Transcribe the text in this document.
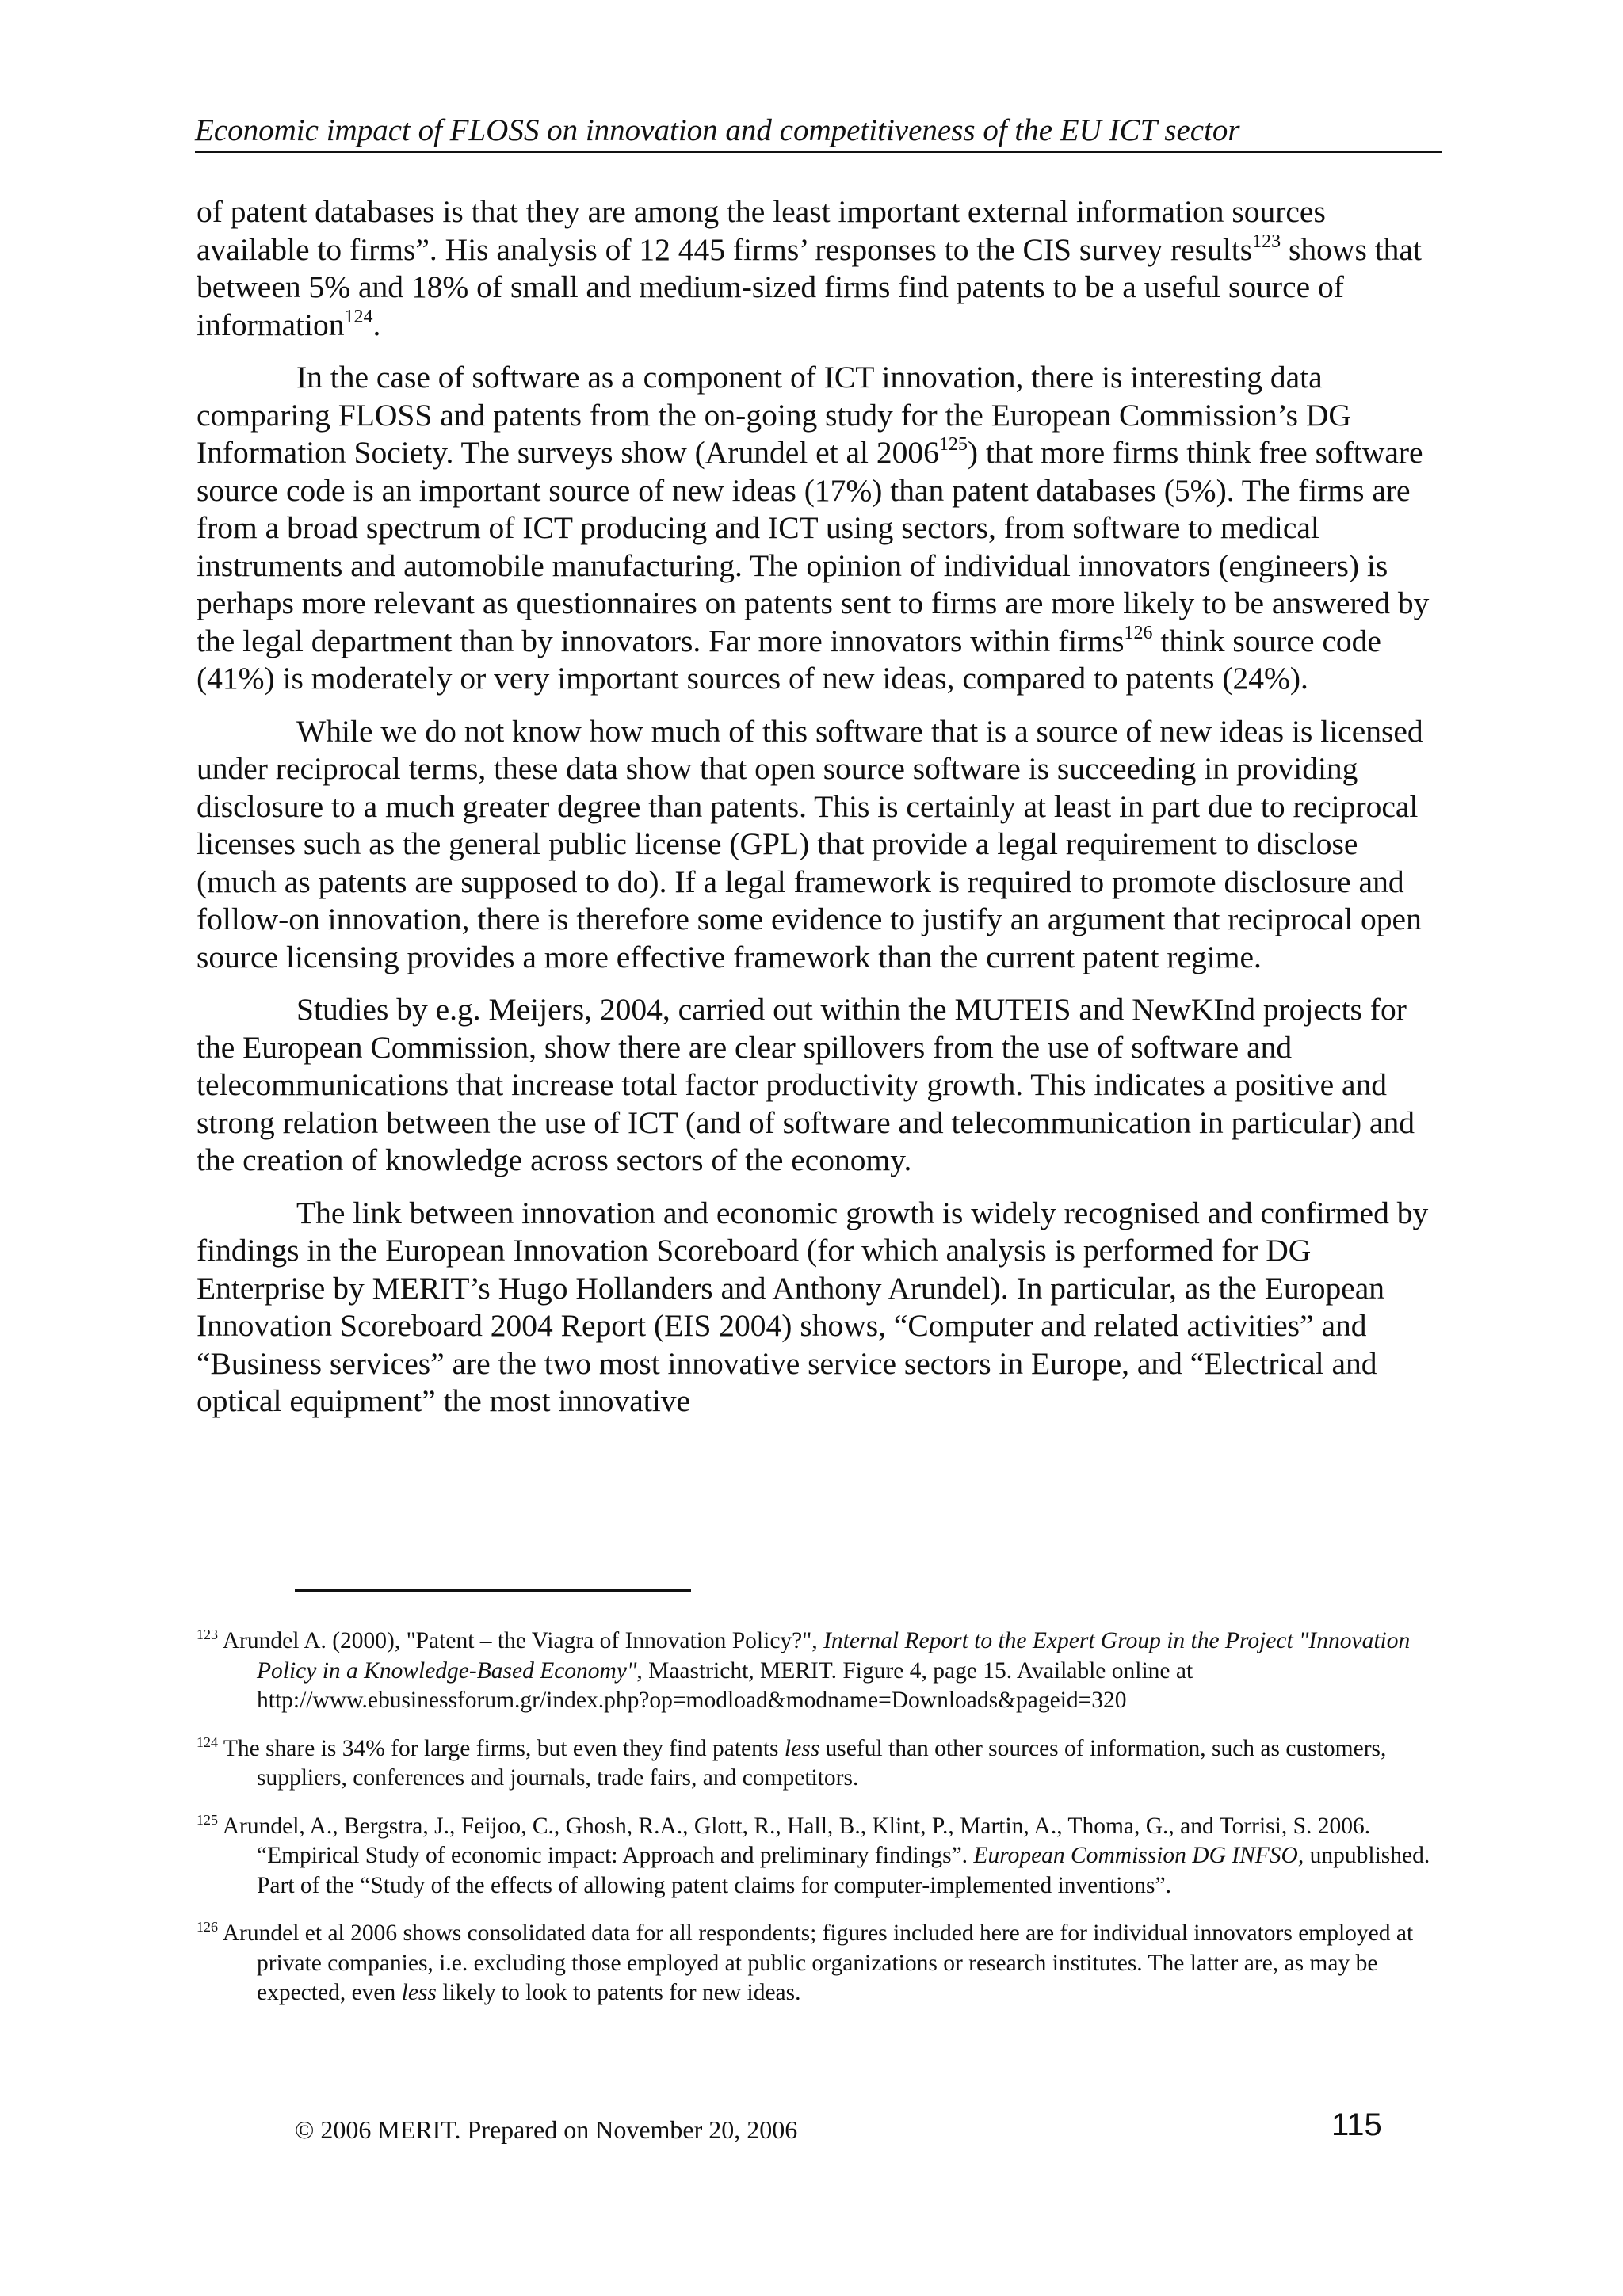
Economic impact of FLOSS on innovation and competitiveness of the EU ICT sector

of patent databases is that they are among the least important external information sources available to firms”. His analysis of 12 445 firms’ responses to the CIS survey results$^{123}$ shows that between 5% and 18% of small and medium-sized firms find patents to be a useful source of information$^{124}$.

In the case of software as a component of ICT innovation, there is interesting data comparing FLOSS and patents from the on-going study for the European Commission’s DG Information Society. The surveys show (Arundel et al 2006$^{125}$) that more firms think free software source code is an important source of new ideas (17%) than patent databases (5%). The firms are from a broad spectrum of ICT producing and ICT using sectors, from software to medical instruments and automobile manufacturing. The opinion of individual innovators (engineers) is perhaps more relevant as questionnaires on patents sent to firms are more likely to be answered by the legal department than by innovators. Far more innovators within firms$^{126}$ think source code (41%) is moderately or very important sources of new ideas, compared to patents (24%).

While we do not know how much of this software that is a source of new ideas is licensed under reciprocal terms, these data show that open source software is succeeding in providing disclosure to a much greater degree than patents. This is certainly at least in part due to reciprocal licenses such as the general public license (GPL) that provide a legal requirement to disclose (much as patents are supposed to do). If a legal framework is required to promote disclosure and follow-on innovation, there is therefore some evidence to justify an argument that reciprocal open source licensing provides a more effective framework than the current patent regime.

Studies by e.g. Meijers, 2004, carried out within the MUTEIS and NewKInd projects for the European Commission, show there are clear spillovers from the use of software and telecommunications that increase total factor productivity growth. This indicates a positive and strong relation between the use of ICT (and of software and telecommunication in particular) and the creation of knowledge across sectors of the economy.

The link between innovation and economic growth is widely recognised and confirmed by findings in the European Innovation Scoreboard (for which analysis is performed for DG Enterprise by MERIT’s Hugo Hollanders and Anthony Arundel). In particular, as the European Innovation Scoreboard 2004 Report (EIS 2004) shows, “Computer and related activities” and “Business services” are the two most innovative service sectors in Europe, and “Electrical and optical equipment” the most innovative

$^{123}$ Arundel A. (2000), "Patent – the Viagra of Innovation Policy?", Internal Report to the Expert Group in the Project "Innovation Policy in a Knowledge-Based Economy", Maastricht, MERIT. Figure 4, page 15. Available online at
http://www.ebusinessforum.gr/index.php?op=modload&modname=Downloads&pageid=320
$^{124}$ The share is 34% for large firms, but even they find patents less useful than other sources of information, such as customers, suppliers, conferences and journals, trade fairs, and competitors.
$^{125}$ Arundel, A., Bergstra, J., Feijoo, C., Ghosh, R.A., Glott, R., Hall, B., Klint, P., Martin, A., Thoma, G., and Torrisi, S. 2006. “Empirical Study of economic impact: Approach and preliminary findings”. European Commission DG INFSO, unpublished. Part of the “Study of the effects of allowing patent claims for computer-implemented inventions”.
$^{126}$ Arundel et al 2006 shows consolidated data for all respondents; figures included here are for individual innovators employed at private companies, i.e. excluding those employed at public organizations or research institutes. The latter are, as may be expected, even less likely to look to patents for new ideas.
© 2006 MERIT. Prepared on November 20, 2006	115
